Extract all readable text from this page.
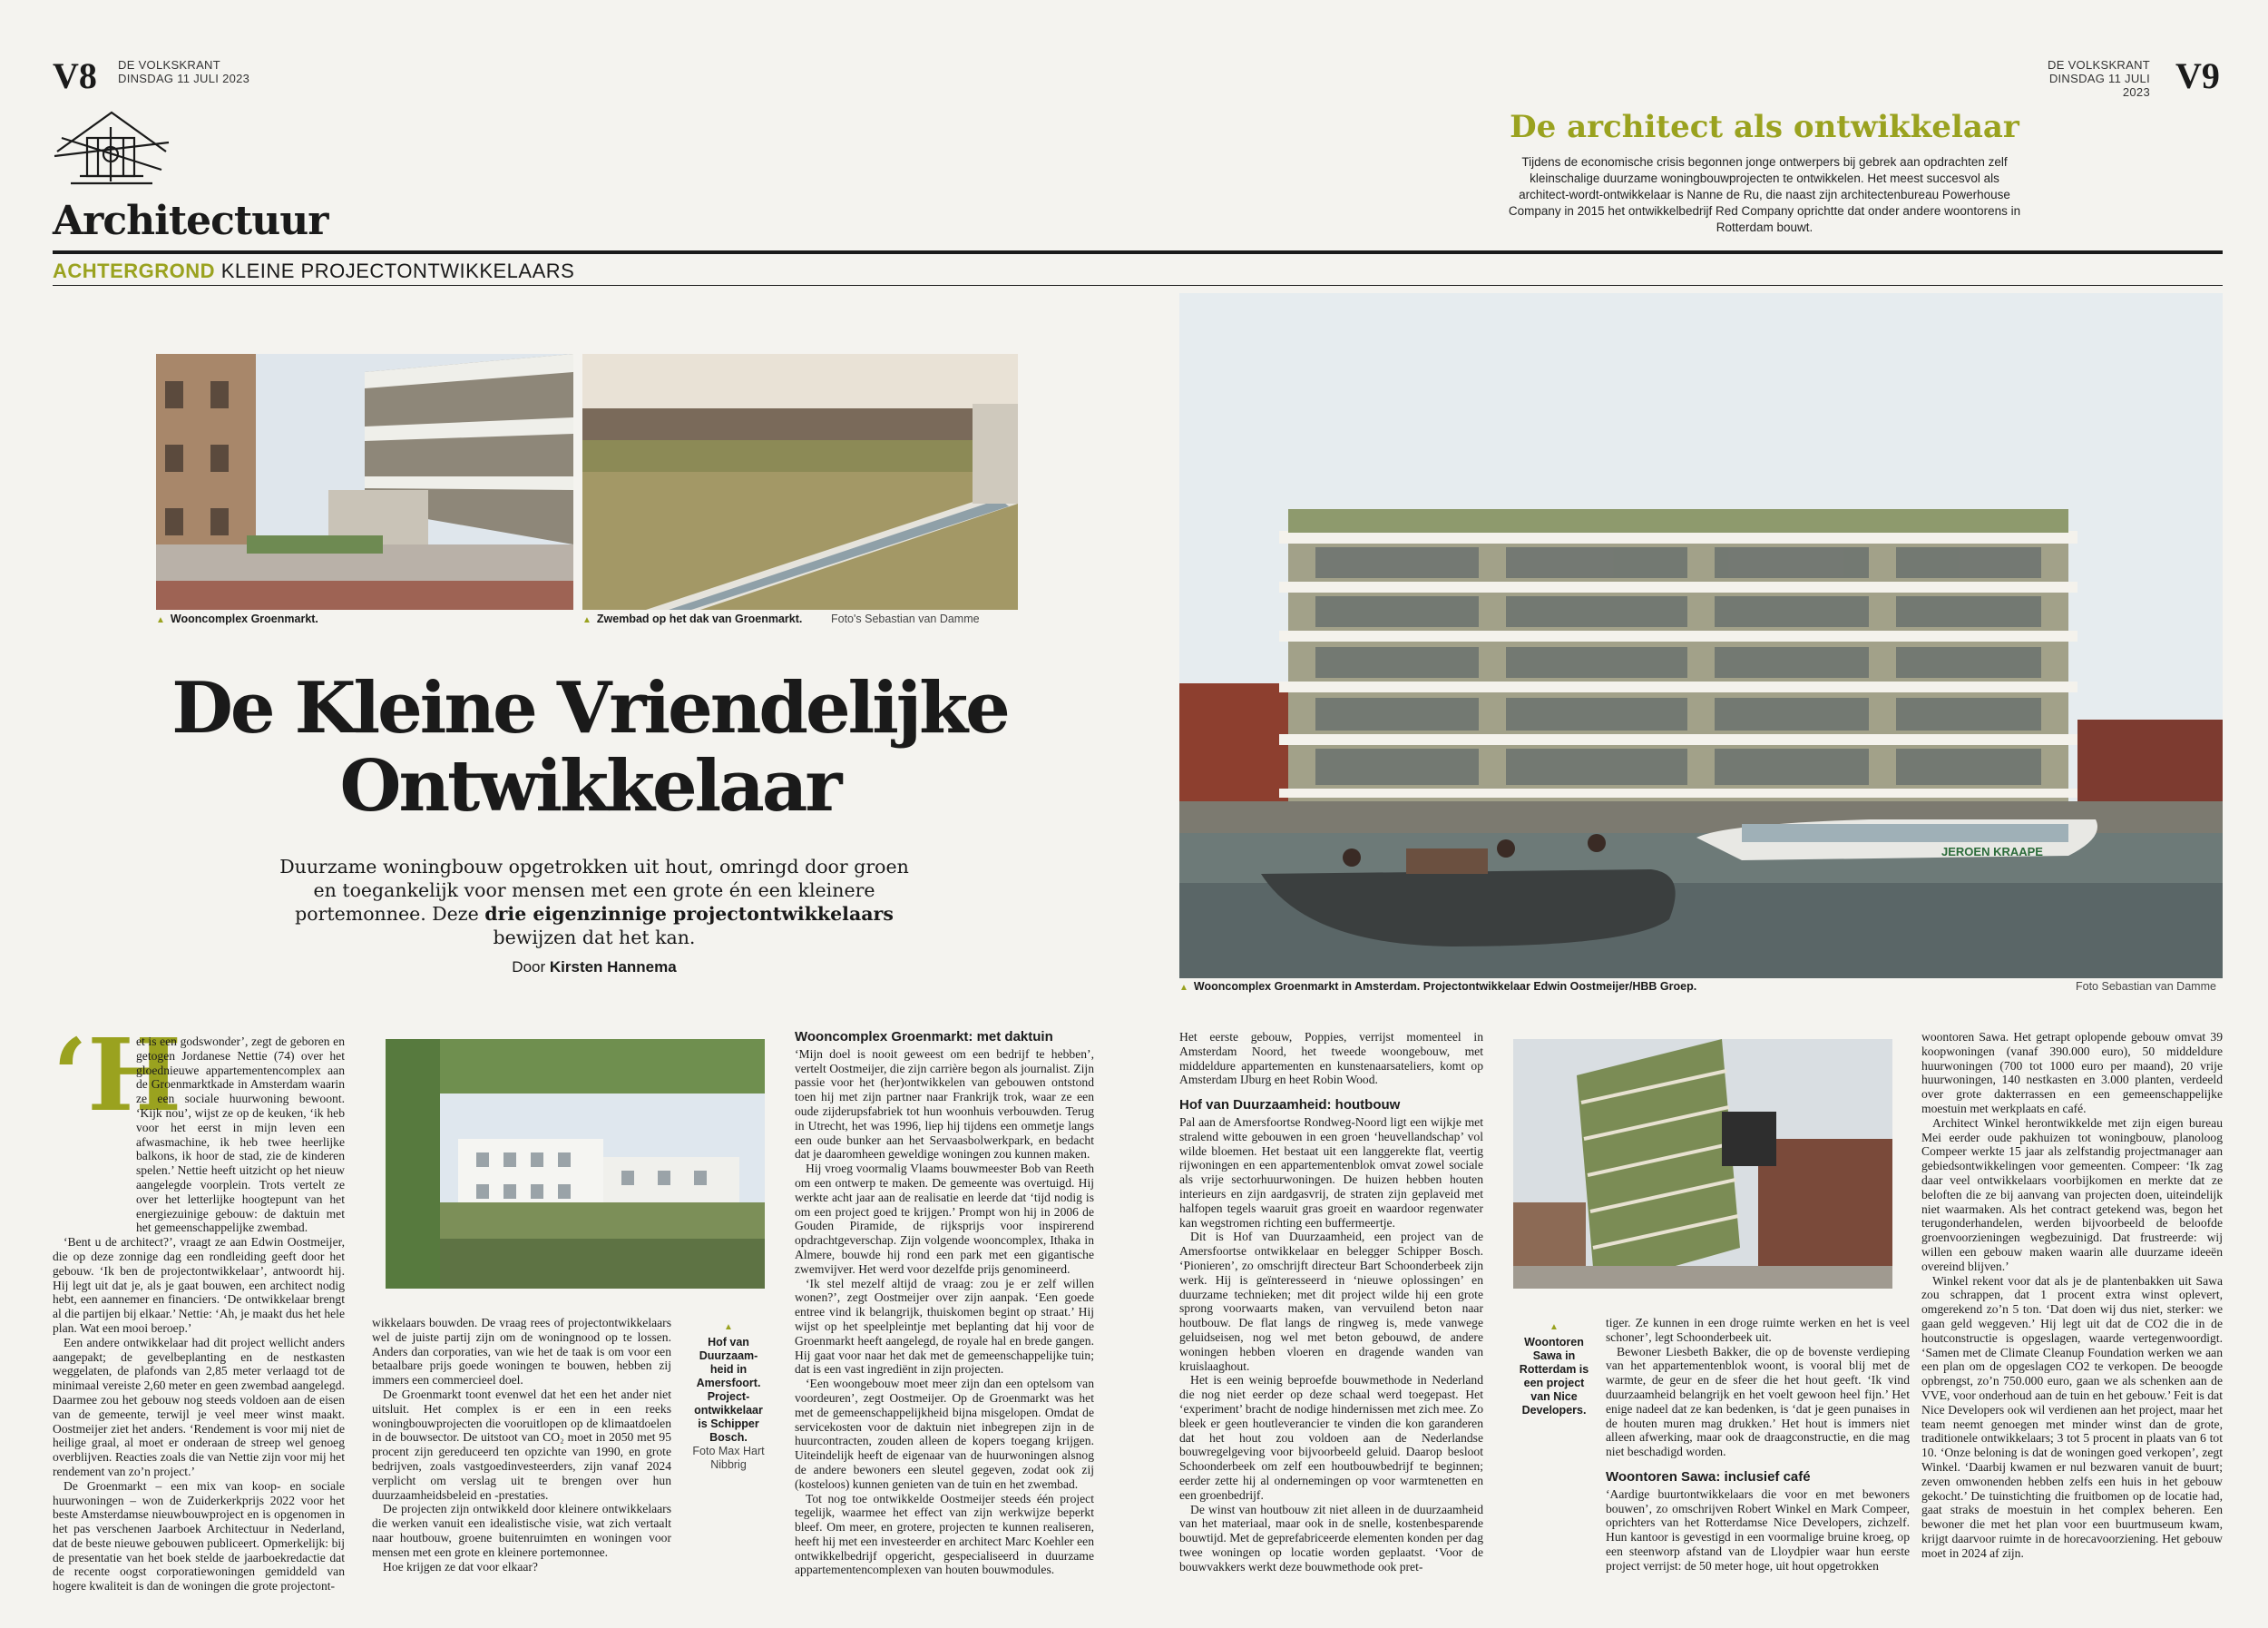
V8 DE VOLKSKRANT
DINSDAG 11 JULI 2023
DE VOLKSKRANT
DINSDAG 11 JULI 2023 V9
Architectuur
ACHTERGROND KLEINE PROJECTONTWIKKELAARS
De architect als ontwikkelaar
Tijdens de economische crisis begonnen jonge ontwerpers bij gebrek aan opdrachten zelf kleinschalige duurzame woningbouwprojecten te ontwikkelen. Het meest succesvol als architect-wordt-ontwikkelaar is Nanne de Ru, die naast zijn architectenbureau Powerhouse Company in 2015 het ontwikkelbedrijf Red Company oprichtte dat onder andere woontorens in Rotterdam bouwt.
▲ Wooncomplex Groenmarkt.	▲ Zwembad op het dak van Groenmarkt.	Foto's Sebastian van Damme
De Kleine Vriendelijke
Ontwikkelaar
Duurzame woningbouw opgetrokken uit hout, omringd door groen en toegankelijk voor mensen met een grote én een kleinere portemonnee. Deze drie eigenzinnige projectontwikkelaars bewijzen dat het kan.
Door Kirsten Hannema
JEROEN KRAAPE
▲ Wooncomplex Groenmarkt in Amsterdam. Projectontwikkelaar Edwin Oostmeijer/HBB Groep.	Foto Sebastian van Damme
‘H

et is een godswonder’, zegt de geboren en getogen Jordanese Nettie (74) over het gloednieuwe appartementencomplex aan de Groenmarktkade in Amsterdam waarin ze een sociale huurwoning bewoont. ‘Kijk nou’, wijst ze op de keuken, ‘ik heb voor het eerst in mijn leven een afwasmachine, ik heb twee heerlijke balkons, ik hoor de stad, zie de kinderen spelen.’ Nettie heeft uitzicht op het nieuw aangelegde voorplein. Trots vertelt ze over het letterlijke hoogtepunt van het energiezuinige gebouw: de daktuin met het gemeenschappelijke zwembad.

‘Bent u de architect?’, vraagt ze aan Edwin Oostmeijer, die op deze zonnige dag een rondleiding geeft door het gebouw. ‘Ik ben de projectontwikkelaar’, antwoordt hij. Hij legt uit dat je, als je gaat bouwen, een architect nodig hebt, een aannemer en financiers. ‘De ontwikkelaar brengt al die partijen bij elkaar.’ Nettie: ‘Ah, je maakt dus het hele plan. Wat een mooi beroep.’

Een andere ontwikkelaar had dit project wellicht anders aangepakt; de gevelbeplanting en de nestkasten weggelaten, de plafonds van 2,85 meter verlaagd tot de minimaal vereiste 2,60 meter en geen zwembad aangelegd. Daarmee zou het gebouw nog steeds voldoen aan de eisen van de gemeente, terwijl je veel meer winst maakt. Oostmeijer ziet het anders. ‘Rendement is voor mij niet de heilige graal, al moet er onderaan de streep wel genoeg overblijven. Reacties zoals die van Nettie zijn voor mij het rendement van zo’n project.’

De Groenmarkt – een mix van koop- en sociale huurwoningen – won de Zuiderkerkprijs 2022 voor het beste Amsterdamse nieuwbouwproject en is opgenomen in het pas verschenen Jaarboek Architectuur in Nederland, dat de beste nieuwe gebouwen publiceert. Opmerkelijk: bij de presentatie van het boek stelde de jaarboekredactie dat de recente oogst corporatiewoningen gemiddeld van hogere kwaliteit is dan de woningen die grote projectont-

wikkelaars bouwden. De vraag rees of projectontwikkelaars wel de juiste partij zijn om de woningnood op te lossen. Anders dan corporaties, van wie het de taak is om voor een betaalbare prijs goede woningen te bouwen, hebben zij immers een commercieel doel.

De Groenmarkt toont evenwel dat het een het ander niet uitsluit. Het complex is er een in een reeks woningbouwprojecten die vooruitlopen op de klimaatdoelen in de bouwsector. De uitstoot van CO₂ moet in 2050 met 95 procent zijn gereduceerd ten opzichte van 1990, en grote bedrijven, zoals vastgoedinvesteerders, zijn vanaf 2024 verplicht om verslag uit te brengen over hun duurzaamheidsbeleid en -prestaties.

De projecten zijn ontwikkeld door kleinere ontwikkelaars die werken vanuit een idealistische visie, wat zich vertaalt naar houtbouw, groene buitenruimten en woningen voor mensen met een grote en kleinere portemonnee.

Hoe krijgen ze dat voor elkaar?

▲
Hof van Duurzaam-heid in Amersfoort. Project-ontwikkelaar is Schipper Bosch.
Foto Max Hart Nibbrig
Wooncomplex Groenmarkt: met daktuin

‘Mijn doel is nooit geweest om een bedrijf te hebben’, vertelt Oostmeijer, die zijn carrière begon als journalist. Zijn passie voor het (her)ontwikkelen van gebouwen ontstond toen hij met zijn partner naar Frankrijk trok, waar ze een oude zijderupsfabriek tot hun woonhuis verbouwden. Terug in Utrecht, het was 1996, liep hij tijdens een ommetje langs een oude bunker aan het Servaasbolwerkpark, en bedacht dat je daaromheen geweldige woningen zou kunnen maken.

Hij vroeg voormalig Vlaams bouwmeester Bob van Reeth om een ontwerp te maken. De gemeente was overtuigd. Hij werkte acht jaar aan de realisatie en leerde dat ‘tijd nodig is om een project goed te krijgen.’ Prompt won hij in 2006 de Gouden Piramide, de rijksprijs voor inspirerend opdrachtgeverschap. Zijn volgende wooncomplex, Ithaka in Almere, bouwde hij rond een park met een gigantische zwemvijver. Het werd voor dezelfde prijs genomineerd.

‘Ik stel mezelf altijd de vraag: zou je er zelf willen wonen?’, zegt Oostmeijer over zijn aanpak. ‘Een goede entree vind ik belangrijk, thuiskomen begint op straat.’ Hij wijst op het speelpleintje met beplanting dat hij voor de Groenmarkt heeft aangelegd, de royale hal en brede gangen. Hij gaat voor naar het dak met de gemeenschappelijke tuin; dat is een vast ingrediënt in zijn projecten.

‘Een woongebouw moet meer zijn dan een optelsom van voordeuren’, zegt Oostmeijer. Op de Groenmarkt was het met de gemeenschappelijkheid bijna misgelopen. Omdat de servicekosten voor de daktuin niet inbegrepen zijn in de huurcontracten, zouden alleen de kopers toegang krijgen. Uiteindelijk heeft de eigenaar van de huurwoningen alsnog de andere bewoners een sleutel gegeven, zodat ook zij (kosteloos) kunnen genieten van de tuin en het zwembad.

Tot nog toe ontwikkelde Oostmeijer steeds één project tegelijk, waarmee het effect van zijn werkwijze beperkt bleef. Om meer, en grotere, projecten te kunnen realiseren, heeft hij met een investeerder en architect Marc Koehler een ontwikkelbedrijf opgericht, gespecialiseerd in duurzame appartementencomplexen van houten bouwmodules.

Het eerste gebouw, Poppies, verrijst momenteel in Amsterdam Noord, het tweede woongebouw, met middeldure appartementen en kunstenaarsateliers, komt op Amsterdam IJburg en heet Robin Wood.

Hof van Duurzaamheid: houtbouw

Pal aan de Amersfoortse Rondweg-Noord ligt een wijkje met stralend witte gebouwen in een groen ‘heuvellandschap’ vol wilde bloemen. Het bestaat uit een langgerekte flat, veertig rijwoningen en een appartementenblok omvat zowel sociale als vrije sectorhuurwoningen. De huizen hebben houten interieurs en zijn aardgasvrij, de straten zijn geplaveid met halfopen tegels waaruit gras groeit en waardoor regenwater kan wegstromen richting een buffermeertje.

Dit is Hof van Duurzaamheid, een project van de Amersfoortse ontwikkelaar en belegger Schipper Bosch. ‘Pionieren’, zo omschrijft directeur Bart Schoonderbeek zijn werk. Hij is geïnteresseerd in ‘nieuwe oplossingen’ en duurzame technieken; met dit project wilde hij een grote sprong voorwaarts maken, van vervuilend beton naar houtbouw. De flat langs de ringweg is, mede vanwege geluidseisen, nog wel met beton gebouwd, de andere woningen hebben vloeren en dragende wanden van kruislaaghout.

Het is een weinig beproefde bouwmethode in Nederland die nog niet eerder op deze schaal werd toegepast. Het ‘experiment’ bracht de nodige hindernissen met zich mee. Zo bleek er geen houtleverancier te vinden die kon garanderen dat het hout zou voldoen aan de Nederlandse bouwregelgeving voor bijvoorbeeld geluid. Daarop besloot Schoonderbeek om zelf een houtbouwbedrijf te beginnen; eerder zette hij al ondernemingen op voor warmtenetten en een groenbedrijf.

De winst van houtbouw zit niet alleen in de duurzaamheid van het materiaal, maar ook in de snelle, kostenbesparende bouwtijd. Met de geprefabriceerde elementen konden per dag twee woningen op locatie worden geplaatst. ‘Voor de bouwvakkers werkt deze bouwmethode ook pret-

tiger. Ze kunnen in een droge ruimte werken en het is veel schoner’, legt Schoonderbeek uit.

Bewoner Liesbeth Bakker, die op de bovenste verdieping van het appartementenblok woont, is vooral blij met de warmte, de geur en de sfeer die het hout geeft. ‘Ik vind duurzaamheid belangrijk en het voelt gewoon heel fijn.’ Het enige nadeel dat ze kan bedenken, is ‘dat je geen punaises in de houten muren mag drukken.’ Het hout is immers niet alleen afwerking, maar ook de draagconstructie, en die mag niet beschadigd worden.

Woontoren Sawa: inclusief café

‘Aardige buurtontwikkelaars die voor en met bewoners bouwen’, zo omschrijven Robert Winkel en Mark Compeer, oprichters van het Rotterdamse Nice Developers, zichzelf. Hun kantoor is gevestigd in een voormalige bruine kroeg, op een steenworp afstand van de Lloydpier waar hun eerste project verrijst: de 50 meter hoge, uit hout opgetrokken

▲
Woontoren Sawa in Rotterdam is een project van Nice Developers.

woontoren Sawa. Het getrapt oplopende gebouw omvat 39 koopwoningen (vanaf 390.000 euro), 50 middeldure huurwoningen (700 tot 1000 euro per maand), 20 vrije huurwoningen, 140 nestkasten en 3.000 planten, verdeeld over grote dakterrassen en een gemeenschappelijke moestuin met werkplaats en café.

Architect Winkel herontwikkelde met zijn eigen bureau Mei eerder oude pakhuizen tot woningbouw, planoloog Compeer werkte 15 jaar als zelfstandig projectmanager aan gebiedsontwikkelingen voor gemeenten. Compeer: ‘Ik zag daar veel ontwikkelaars voorbijkomen en merkte dat ze beloften die ze bij aanvang van projecten doen, uiteindelijk niet waarmaken. Als het contract getekend was, begon het terugonderhandelen, werden bijvoorbeeld de beloofde groenvoorzieningen wegbezuinigd. Dat frustreerde: wij willen een gebouw maken waarin alle duurzame ideeën overeind blijven.’

Winkel rekent voor dat als je de plantenbakken uit Sawa zou schrappen, dat 1 procent extra winst oplevert, omgerekend zo’n 5 ton. ‘Dat doen wij dus niet, sterker: we gaan geld weggeven.’ Hij legt uit dat de CO2 die in de houtconstructie is opgeslagen, waarde vertegenwoordigt. ‘Samen met de Climate Cleanup Foundation werken we aan een plan om de opgeslagen CO2 te verkopen. De beoogde opbrengst, zo’n 750.000 euro, gaan we als schenken aan de VVE, voor onderhoud aan de tuin en het gebouw.’ Feit is dat Nice Developers ook wil verdienen aan het project, maar het team neemt genoegen met minder winst dan de grote, traditionele ontwikkelaars; 3 tot 5 procent in plaats van 6 tot 10. ‘Onze beloning is dat de woningen goed verkopen’, zegt Winkel. ‘Daarbij kwamen er nul bezwaren vanuit de buurt; zeven omwonenden hebben zelfs een huis in het gebouw gekocht.’ De tuinstichting die fruitbomen op de locatie had, gaat straks de moestuin in het complex beheren. Een bewoner die met het plan voor een buurtmuseum kwam, krijgt daarvoor ruimte in de horecavoorziening. Het gebouw moet in 2024 af zijn.
